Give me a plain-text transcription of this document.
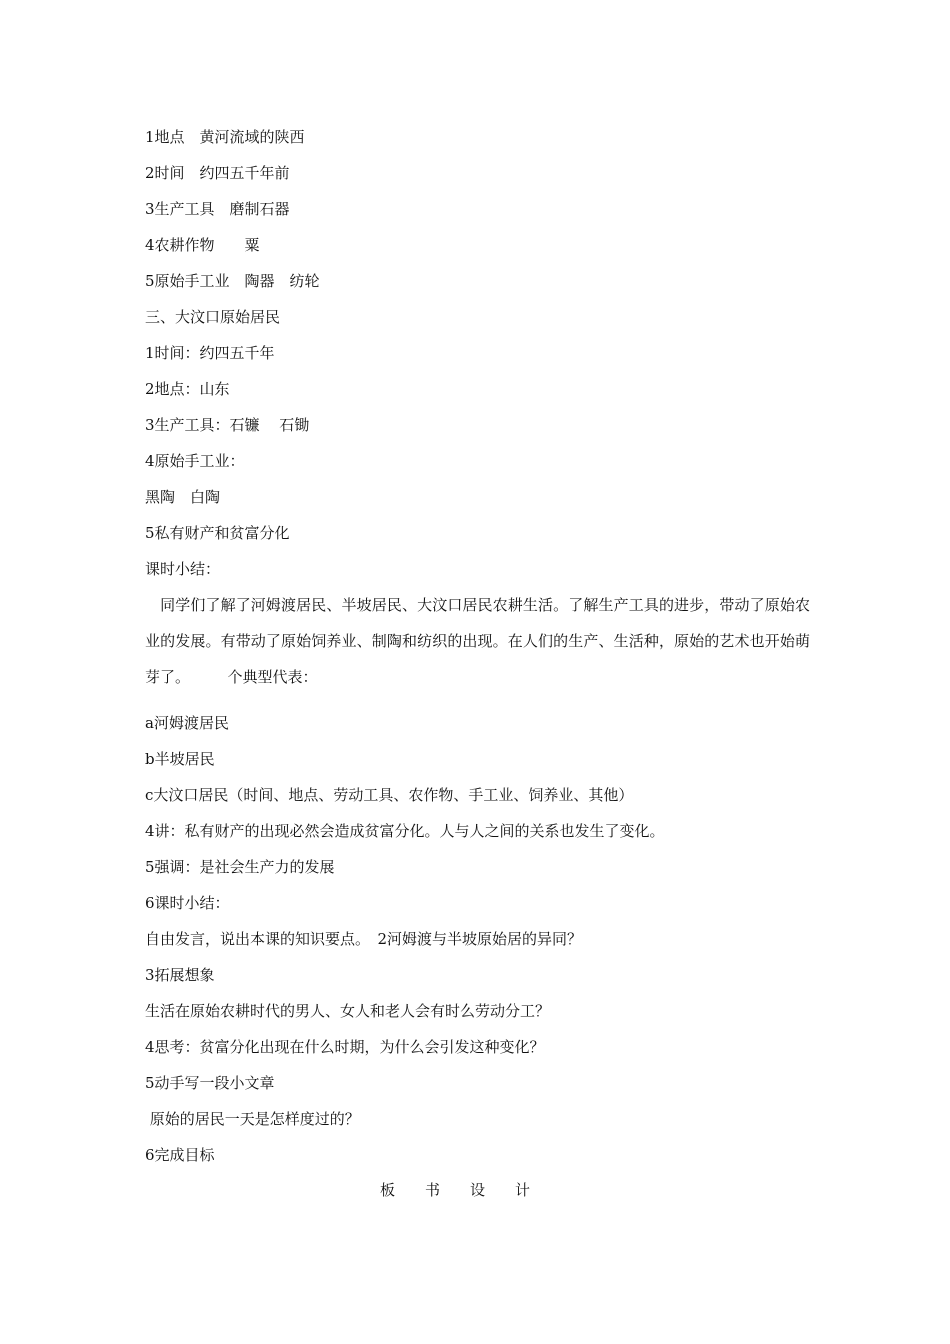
1地点　黄河流域的陕西
2时间　约四五千年前
3生产工具　磨制石器
4农耕作物　　粟
5原始手工业　陶器　纺轮
三、大汶口原始居民
1时间：约四五千年
2地点：山东
3生产工具：石镰　 石锄
4原始手工业：
黑陶　白陶
5私有财产和贫富分化
课时小结：
　同学们了解了河姆渡居民、半坡居民、大汶口居民农耕生活。了解生产工具的进步，带动了原始农业的发展。有带动了原始饲养业、制陶和纺织的出现。在人们的生产、生活种，原始的艺术也开始萌芽了。　　　个典型代表：
a河姆渡居民
b半坡居民
c大汶口居民（时间、地点、劳动工具、农作物、手工业、饲养业、其他）
4讲：私有财产的出现必然会造成贫富分化。人与人之间的关系也发生了变化。
5强调：是社会生产力的发展
6课时小结：
自由发言，说出本课的知识要点。　2河姆渡与半坡原始居的异同？
3拓展想象
生活在原始农耕时代的男人、女人和老人会有时么劳动分工？
4思考：贫富分化出现在什么时期，为什么会引发这种变化？
5动手写一段小文章
原始的居民一天是怎样度过的？
6完成目标
板　　书　　设　　计
